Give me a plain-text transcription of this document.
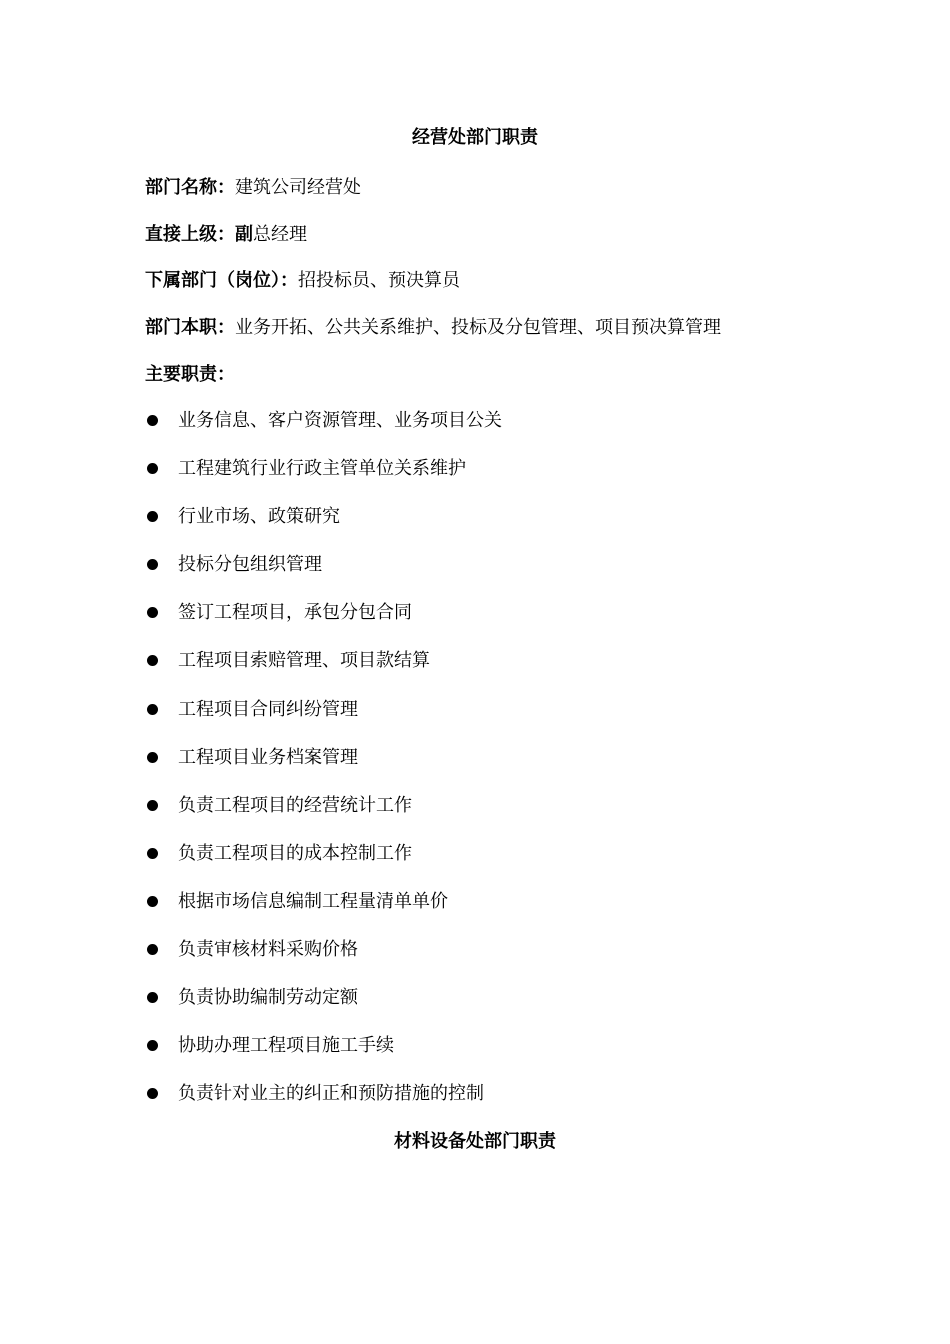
经营处部门职责
部门名称：建筑公司经营处
直接上级：副总经理
下属部门（岗位）：招投标员、预决算员
部门本职：业务开拓、公共关系维护、投标及分包管理、项目预决算管理
主要职责：
业务信息、客户资源管理、业务项目公关
工程建筑行业行政主管单位关系维护
行业市场、政策研究
投标分包组织管理
签订工程项目，承包分包合同
工程项目索赔管理、项目款结算
工程项目合同纠纷管理
工程项目业务档案管理
负责工程项目的经营统计工作
负责工程项目的成本控制工作
根据市场信息编制工程量清单单价
负责审核材料采购价格
负责协助编制劳动定额
协助办理工程项目施工手续
负责针对业主的纠正和预防措施的控制
材料设备处部门职责
